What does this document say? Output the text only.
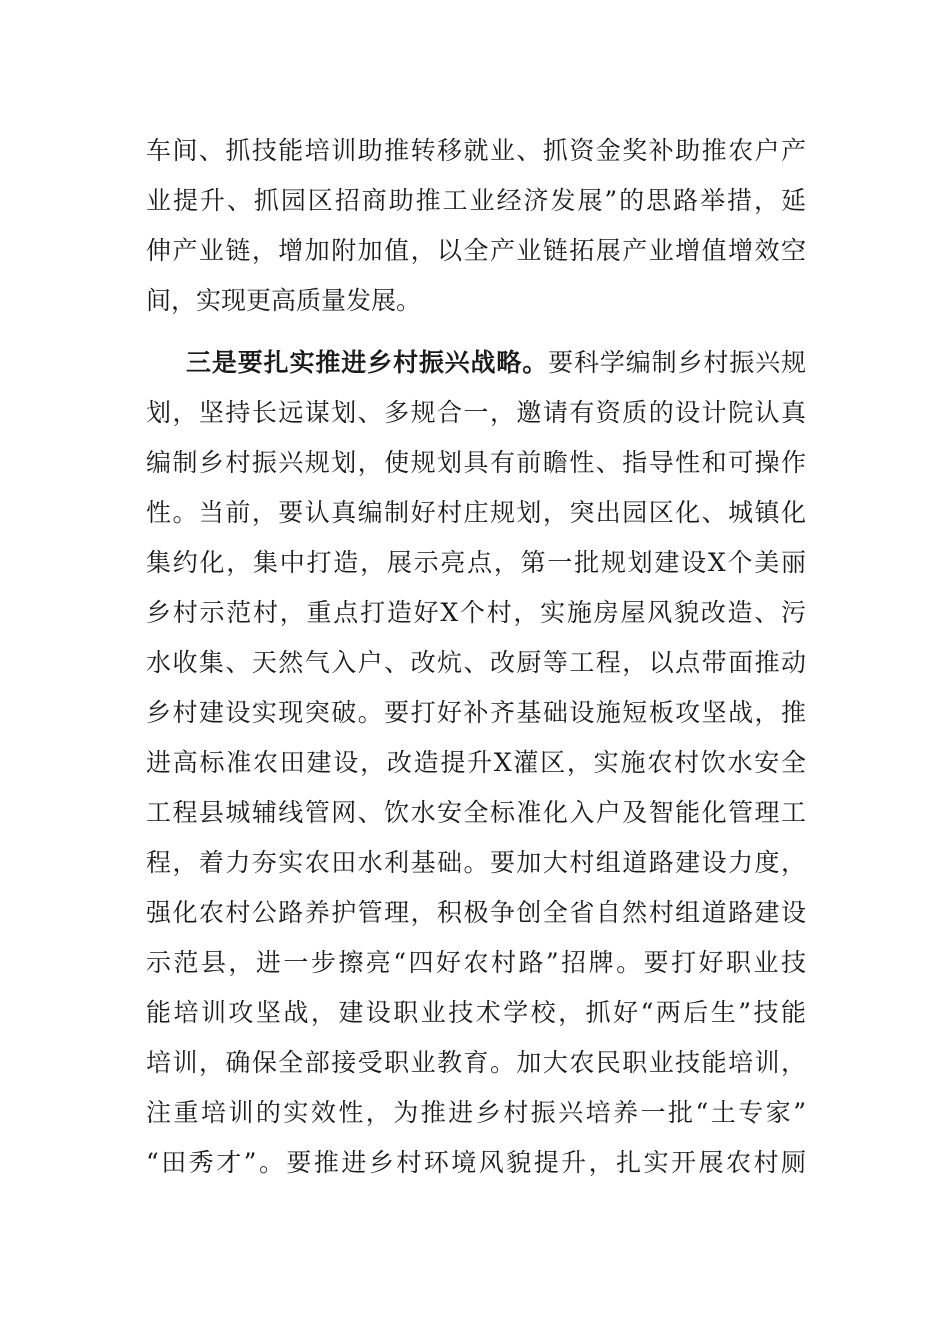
车间、抓技能培训助推转移就业、抓资金奖补助推农户产
业提升、抓园区招商助推工业经济发展”的思路举措，延
伸产业链，增加附加值，以全产业链拓展产业增值增效空
间，实现更高质量发展。
三是要扎实推进乡村振兴战略。要科学编制乡村振兴规
划，坚持长远谋划、多规合一，邀请有资质的设计院认真
编制乡村振兴规划，使规划具有前瞻性、指导性和可操作
性。当前，要认真编制好村庄规划，突出园区化、城镇化
集约化，集中打造，展示亮点，第一批规划建设X个美丽
乡村示范村，重点打造好X个村，实施房屋风貌改造、污
水收集、天然气入户、改炕、改厨等工程，以点带面推动
乡村建设实现突破。要打好补齐基础设施短板攻坚战，推
进高标准农田建设，改造提升X灌区，实施农村饮水安全
工程县城辅线管网、饮水安全标准化入户及智能化管理工
程，着力夯实农田水利基础。要加大村组道路建设力度，
强化农村公路养护管理，积极争创全省自然村组道路建设
示范县，进一步擦亮“四好农村路”招牌。要打好职业技
能培训攻坚战，建设职业技术学校，抓好“两后生”技能
培训，确保全部接受职业教育。加大农民职业技能培训，
注重培训的实效性，为推进乡村振兴培养一批“土专家”
“田秀才”。要推进乡村环境风貌提升，扎实开展农村厕
